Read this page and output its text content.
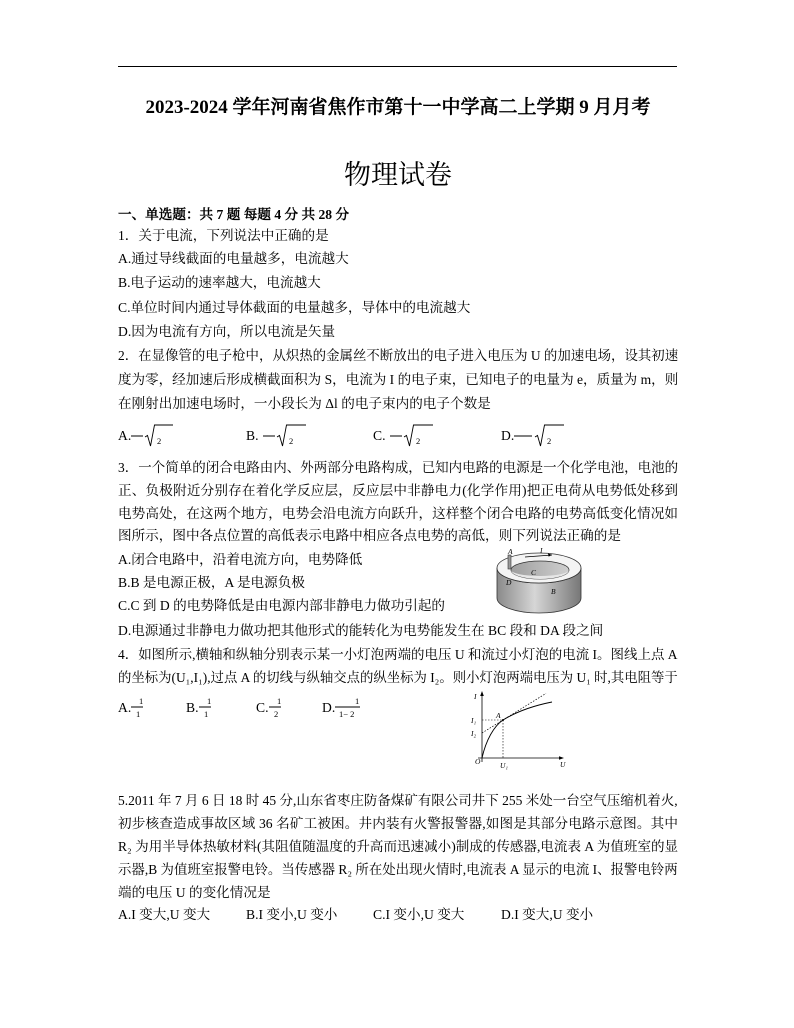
2023-2024 学年河南省焦作市第十一中学高二上学期 9 月月考
物理试卷
一、单选题：共 7 题 每题 4 分 共 28 分
1．关于电流，下列说法中正确的是
A.通过导线截面的电量越多，电流越大
B.电子运动的速率越大，电流越大
C.单位时间内通过导体截面的电量越多，导体中的电流越大
D.因为电流有方向，所以电流是矢量
2．在显像管的电子枪中，从炽热的金属丝不断放出的电子进入电压为 U 的加速电场，设其初速
度为零，经加速后形成横截面积为 S，电流为 I 的电子束，已知电子的电量为 e，质量为 m，则
在刚射出加速电场时，一小段长为 Δl 的电子束内的电子个数是
A.	2	B.	2	C.	2	D.	2
3．一个简单的闭合电路由内、外两部分电路构成，已知内电路的电源是一个化学电池，电池的
正、负极附近分别存在着化学反应层，反应层中非静电力(化学作用)把正电荷从电势低处移到
电势高处，在这两个地方，电势会沿电流方向跃升，这样整个闭合电路的电势高低变化情况如
图所示，图中各点位置的高低表示电路中相应各点电势的高低，则下列说法正确的是
A.闭合电路中，沿着电流方向，电势降低
B.B 是电源正极，A 是电源负极
C.C 到 D 的电势降低是由电源内部非静电力做功引起的
D.电源通过非静电力做功把其他形式的能转化为电势能发生在 BC 段和 DA 段之间
A	I
C
D
B
4．如图所示,横轴和纵轴分别表示某一小灯泡两端的电压 U 和流过小灯泡的电流 I。图线上点 A
的坐标为(U₁,I₁),过点 A 的切线与纵轴交点的纵坐标为 I₂。则小灯泡两端电压为 U₁ 时,其电阻等于
A. 1
1	B. 1
1	C. 1
2	D. 1
1− 2
I
O
A
I₁
I₂
U₁	U
5.2011 年 7 月 6 日 18 时 45 分,山东省枣庄防备煤矿有限公司井下 255 米处一台空气压缩机着火,
初步核查造成事故区域 36 名矿工被困。井内装有火警报警器,如图是其部分电路示意图。其中
R₂ 为用半导体热敏材料(其阻值随温度的升高而迅速减小)制成的传感器,电流表 A 为值班室的显
示器,B 为值班室报警电铃。当传感器 R₂ 所在处出现火情时,电流表 A 显示的电流 I、报警电铃两
端的电压 U 的变化情况是
A.I 变大,U 变大	B.I 变小,U 变小	C.I 变小,U 变大	D.I 变大,U 变小
